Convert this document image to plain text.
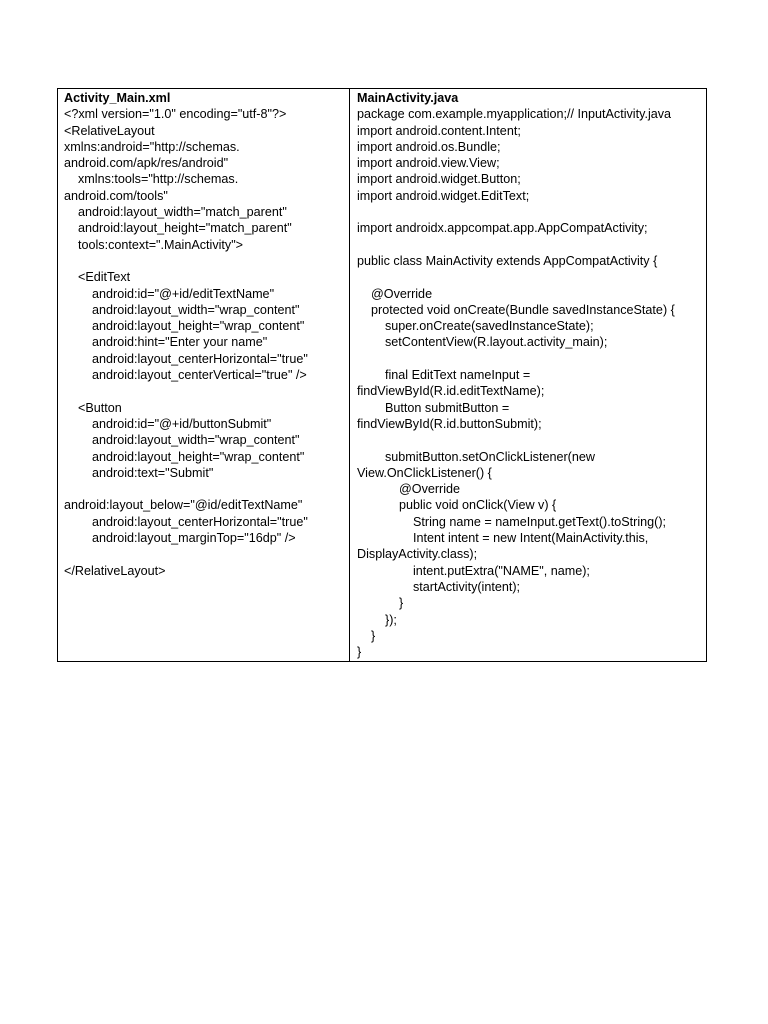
Activity_Main.xml
<?xml version="1.0" encoding="utf-8"?>
<RelativeLayout
xmlns:android="http://schemas.
android.com/apk/res/android"
xmlns:tools="http://schemas.
android.com/tools"
android:layout_width="match_parent"
android:layout_height="match_parent"
tools:context=".MainActivity">
<EditText
android:id="@+id/editTextName"
android:layout_width="wrap_content"
android:layout_height="wrap_content"
android:hint="Enter your name"
android:layout_centerHorizontal="true"
android:layout_centerVertical="true" />
<Button
android:id="@+id/buttonSubmit"
android:layout_width="wrap_content"
android:layout_height="wrap_content"
android:text="Submit"
android:layout_below="@id/editTextName"
android:layout_centerHorizontal="true"
android:layout_marginTop="16dp" />
</RelativeLayout>

MainActivity.java
package com.example.myapplication;// InputActivity.java
import android.content.Intent;
import android.os.Bundle;
import android.view.View;
import android.widget.Button;
import android.widget.EditText;
import androidx.appcompat.app.AppCompatActivity;
public class MainActivity extends AppCompatActivity {
@Override
protected void onCreate(Bundle savedInstanceState) {
super.onCreate(savedInstanceState);
setContentView(R.layout.activity_main);
final EditText nameInput =
findViewById(R.id.editTextName);
Button submitButton =
findViewById(R.id.buttonSubmit);
submitButton.setOnClickListener(new
View.OnClickListener() {
@Override
public void onClick(View v) {
String name = nameInput.getText().toString();
Intent intent = new Intent(MainActivity.this,
DisplayActivity.class);
intent.putExtra("NAME", name);
startActivity(intent);
}
});
}
}
